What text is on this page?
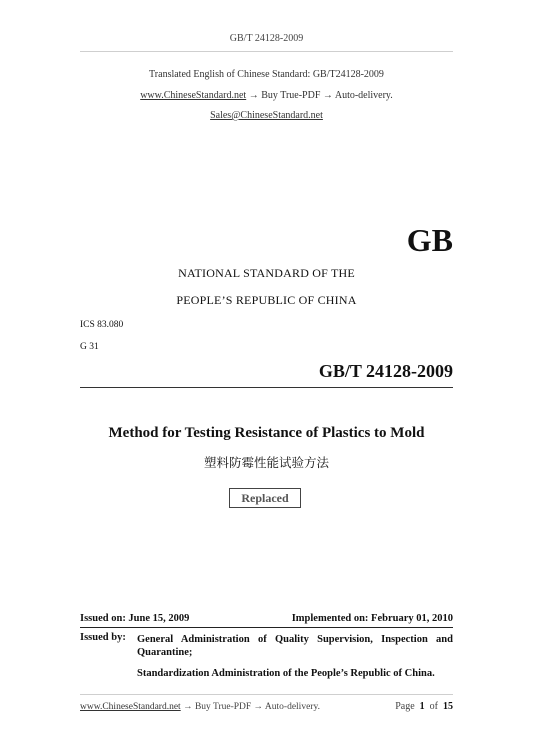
GB/T 24128-2009
Translated English of Chinese Standard: GB/T24128-2009
www.ChineseStandard.net → Buy True-PDF → Auto-delivery.
Sales@ChineseStandard.net
GB
NATIONAL STANDARD OF THE
PEOPLE’S REPUBLIC OF CHINA
ICS 83.080
G 31
GB/T 24128-2009
Method for Testing Resistance of Plastics to Mold
塑料防霉性能试验方法
Replaced
Issued on: June 15, 2009	Implemented on: February 01, 2010
Issued by: General Administration of Quality Supervision, Inspection and
Quarantine;
Standardization Administration of the People’s Republic of China.
www.ChineseStandard.net → Buy True-PDF → Auto-delivery.	Page 1 of 15
